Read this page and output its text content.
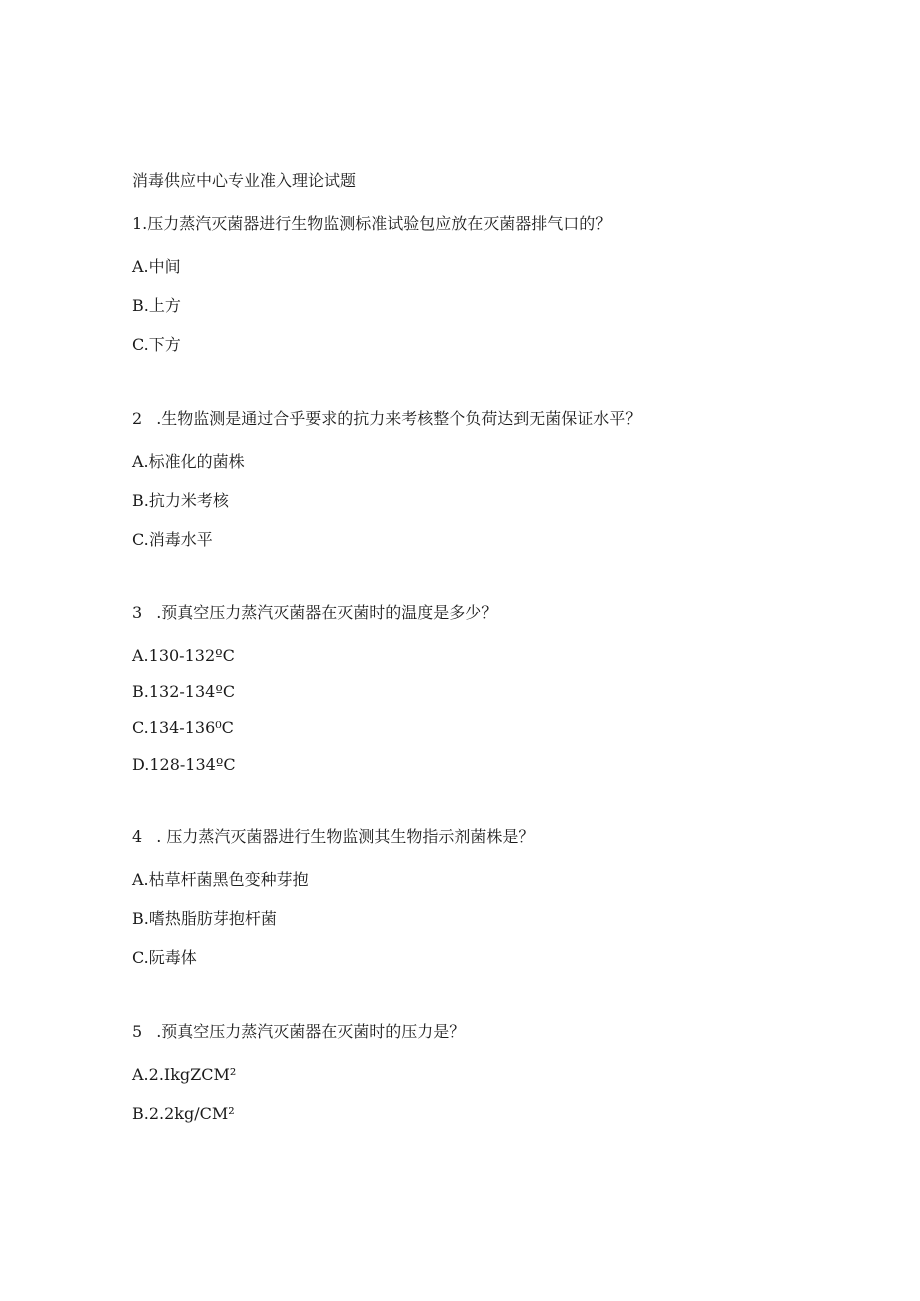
消毒供应中心专业准入理论试题
1.压力蒸汽灭菌器进行生物监测标准试验包应放在灭菌器排气口的？
A.中间
B.上方
C.下方
2 .生物监测是通过合乎要求的抗力来考核整个负荷达到无菌保证水平？
A.标准化的菌株
B.抗力米考核
C.消毒水平
3 .预真空压力蒸汽灭菌器在灭菌时的温度是多少？
A.130-132ºC
B.132-134ºC
C.134-136⁰C
D.128-134ºC
4 . 压力蒸汽灭菌器进行生物监测其生物指示剂菌株是？
A.枯草杆菌黑色变种芽抱
B.嗜热脂肪芽抱杆菌
C.阮毒体
5 .预真空压力蒸汽灭菌器在灭菌时的压力是？
A.2.IkgZCM²
B.2.2kg∕CM²
